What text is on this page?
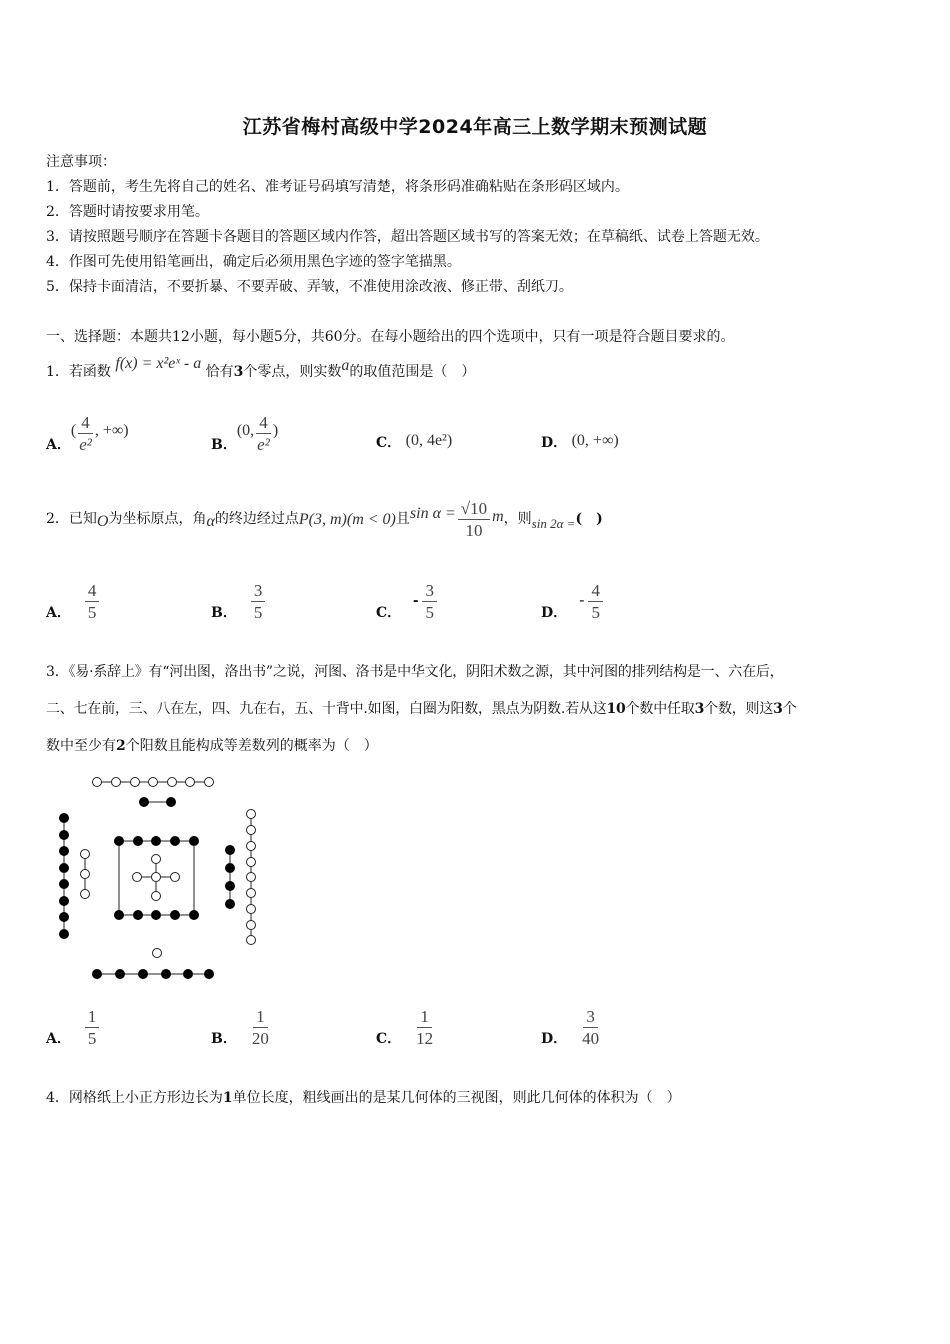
江苏省梅村高级中学2024年高三上数学期末预测试题
注意事项：
1．答题前，考生先将自己的姓名、准考证号码填写清楚，将条形码准确粘贴在条形码区域内。
2．答题时请按要求用笔。
3．请按照题号顺序在答题卡各题目的答题区域内作答，超出答题区域书写的答案无效；在草稿纸、试卷上答题无效。
4．作图可先使用铅笔画出，确定后必须用黑色字迹的签字笔描黑。
5．保持卡面清洁，不要折暴、不要弄破、弄皱，不准使用涂改液、修正带、刮纸刀。
一、选择题：本题共12小题，每小题5分，共60分。在每小题给出的四个选项中，只有一项是符合题目要求的。
1．若函数 f(x) = x²eˣ - a 恰有3个零点，则实数a的取值范围是（　）
A．
( $\frac{4}{\text{e²}}$ , +∞)
B．
(0, $\frac{4}{\text{e²}}$ )
C． (0, 4e²)	D． (0, +∞)
2．已知 O 为坐标原点，角 α 的终边经过点 P(3, m)(m < 0) 且 $\sin \alpha = \frac{√10}{10}$ m ，则 sin 2α = (　)
A． $\frac{4}{5}$	B． $\frac{3}{5}$	C．
- $\frac{3}{5}$	D．
- $\frac{4}{5}$
3．《易·系辞上》有“河出图，洛出书”之说，河图、洛书是中华文化，阴阳术数之源，其中河图的排列结构是一、六在后，
二、七在前，三、八在左，四、九在右，五、十背中.如图，白圈为阳数，黑点为阴数.若从这10个数中任取3个数，则这3个
数中至少有2个阳数且能构成等差数列的概率为（　）
A． $\frac{1}{5}$	B． $\frac{1}{20}$	C． $\frac{1}{12}$	D． $\frac{3}{40}$
4．网格纸上小正方形边长为1单位长度，粗线画出的是某几何体的三视图，则此几何体的体积为（　）
